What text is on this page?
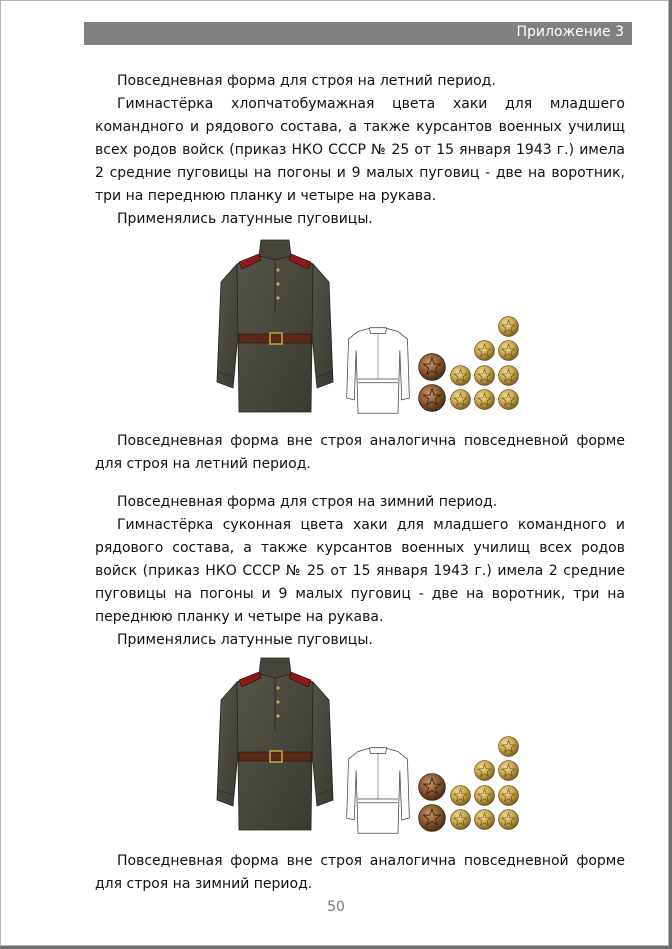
Приложение 3

Повседневная форма для строя на летний период.

Гимнастёрка хлопчатобумажная цвета хаки для младшего командного и рядового состава, а также курсантов военных училищ всех родов войск (приказ НКО СССР № 25 от 15 января 1943 г.) имела 2 средние пуговицы на погоны и 9 малых пуговиц - две на воротник, три на переднюю планку и четыре на рукава.

Применялись латунные пуговицы.

Повседневная форма вне строя аналогична повседневной форме для строя на летний период.

Повседневная форма для строя на зимний период.

Гимнастёрка суконная цвета хаки для младшего командного и рядового состава, а также курсантов военных училищ всех родов войск (приказ НКО СССР № 25 от 15 января 1943 г.) имела 2 средние пуговицы на погоны и 9 малых пуговиц - две на воротник, три на переднюю планку и четыре на рукава.

Применялись латунные пуговицы.

Повседневная форма вне строя аналогична повседневной форме для строя на зимний период.

50
